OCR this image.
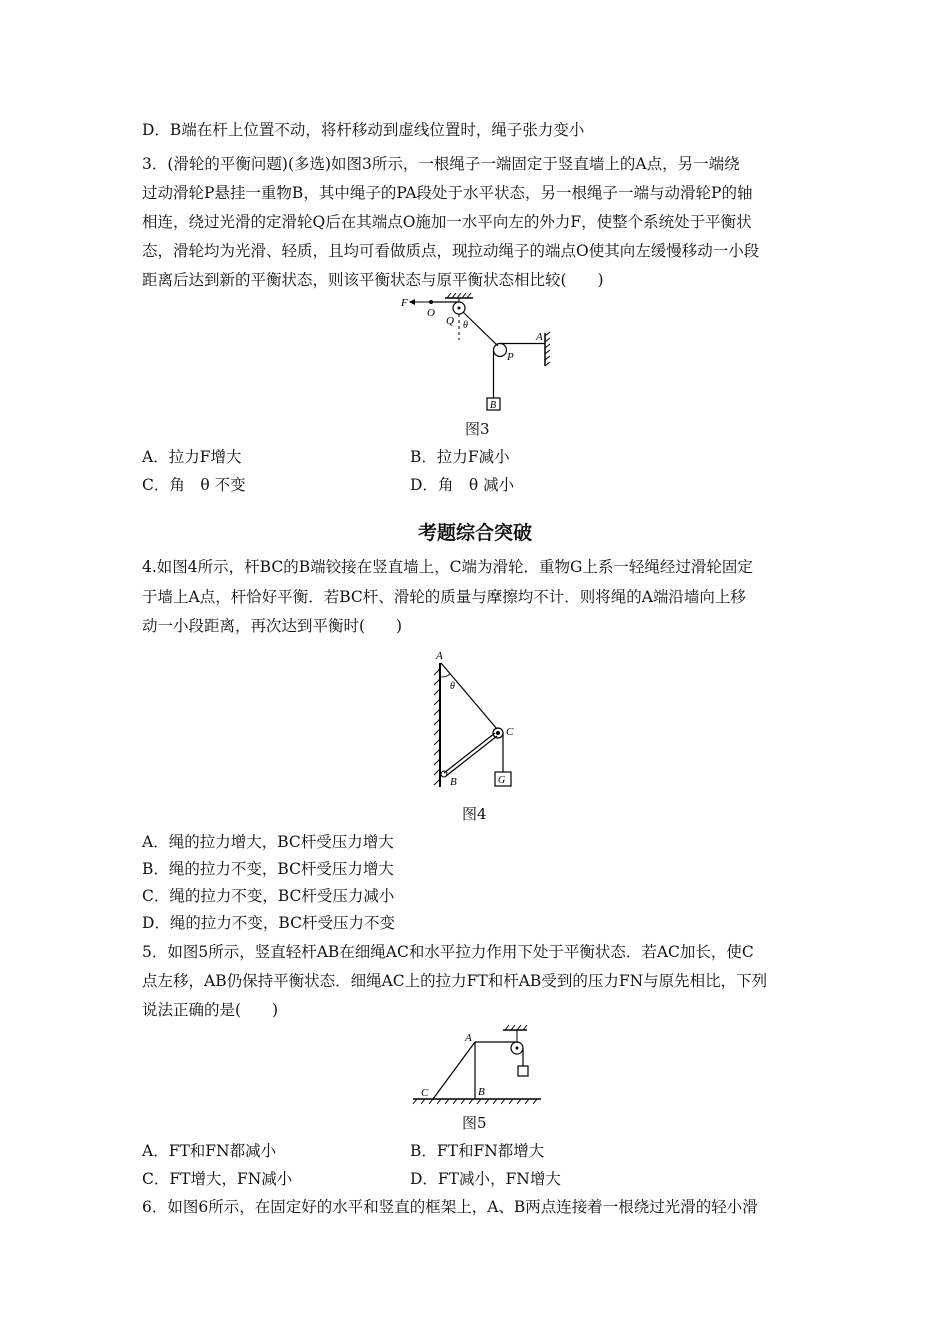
D．B端在杆上位置不动，将杆移动到虚线位置时，绳子张力变小
3．(滑轮的平衡问题)(多选)如图3所示，一根绳子一端固定于竖直墙上的A点，另一端绕
过动滑轮P悬挂一重物B，其中绳子的PA段处于水平状态，另一根绳子一端与动滑轮P的轴
相连，绕过光滑的定滑轮Q后在其端点O施加一水平向左的外力F，使整个系统处于平衡状
态，滑轮均为光滑、轻质，且均可看做质点，现拉动绳子的端点O使其向左缓慢移动一小段
距离后达到新的平衡状态，则该平衡状态与原平衡状态相比较(　　)
F
O
Q θ
P
A
B
图3
A．拉力F增大	B．拉力F减小
C．角　θ 不变	D．角　θ 减小
考题综合突破
4.如图4所示，杆BC的B端铰接在竖直墙上，C端为滑轮．重物G上系一轻绳经过滑轮固定
于墙上A点，杆恰好平衡．若BC杆、滑轮的质量与摩擦均不计．则将绳的A端沿墙向上移
动一小段距离，再次达到平衡时(　　)
A
θ
C
B	G
图4
A．绳的拉力增大，BC杆受压力增大
B．绳的拉力不变，BC杆受压力增大
C．绳的拉力不变，BC杆受压力减小
D．绳的拉力不变，BC杆受压力不变
5．如图5所示，竖直轻杆AB在细绳AC和水平拉力作用下处于平衡状态．若AC加长，使C
点左移，AB仍保持平衡状态．细绳AC上的拉力FT和杆AB受到的压力FN与原先相比，下列
说法正确的是(　　)
A
B
C
图5
A．FT和FN都减小	B．FT和FN都增大
C．FT增大，FN减小	D．FT减小，FN增大
6．如图6所示，在固定好的水平和竖直的框架上，A、B两点连接着一根绕过光滑的轻小滑
